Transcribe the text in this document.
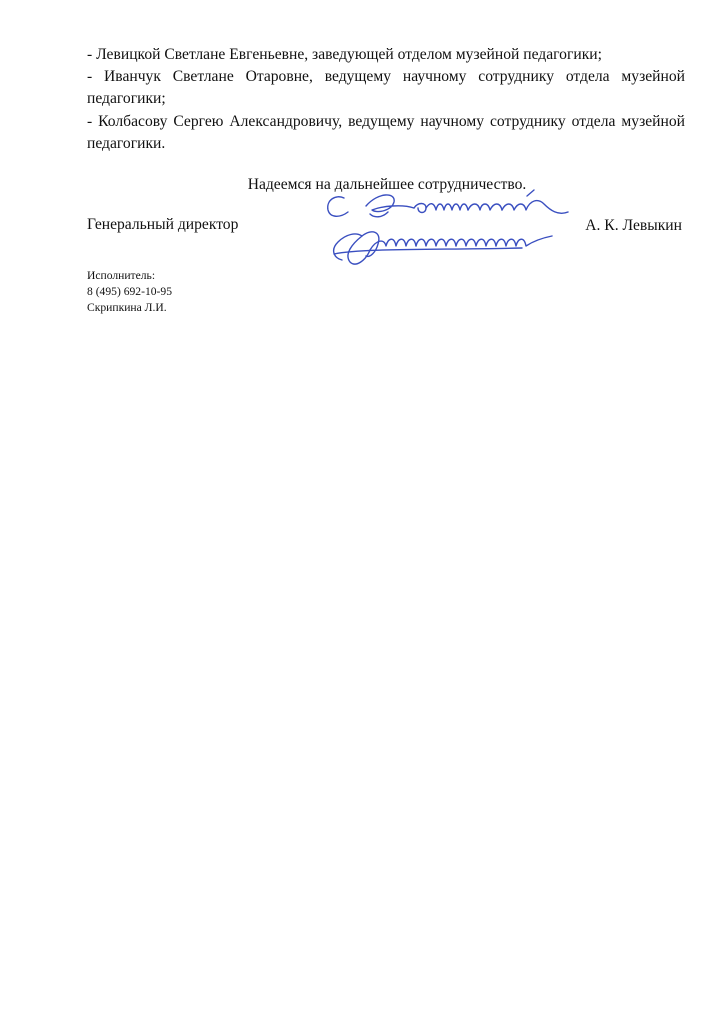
- Левицкой Светлане Евгеньевне, заведующей отделом музейной педагогики;

- Иванчук Светлане Отаровне, ведущему научному сотруднику отдела музейной педагогики;

- Колбасову Сергею Александровичу, ведущему научному сотруднику отдела музейной педагогики.

Надеемся на дальнейшее сотрудничество.
Генеральный директор	А. К. Левыкин
Исполнитель:
8 (495) 692-10-95
Скрипкина Л.И.
